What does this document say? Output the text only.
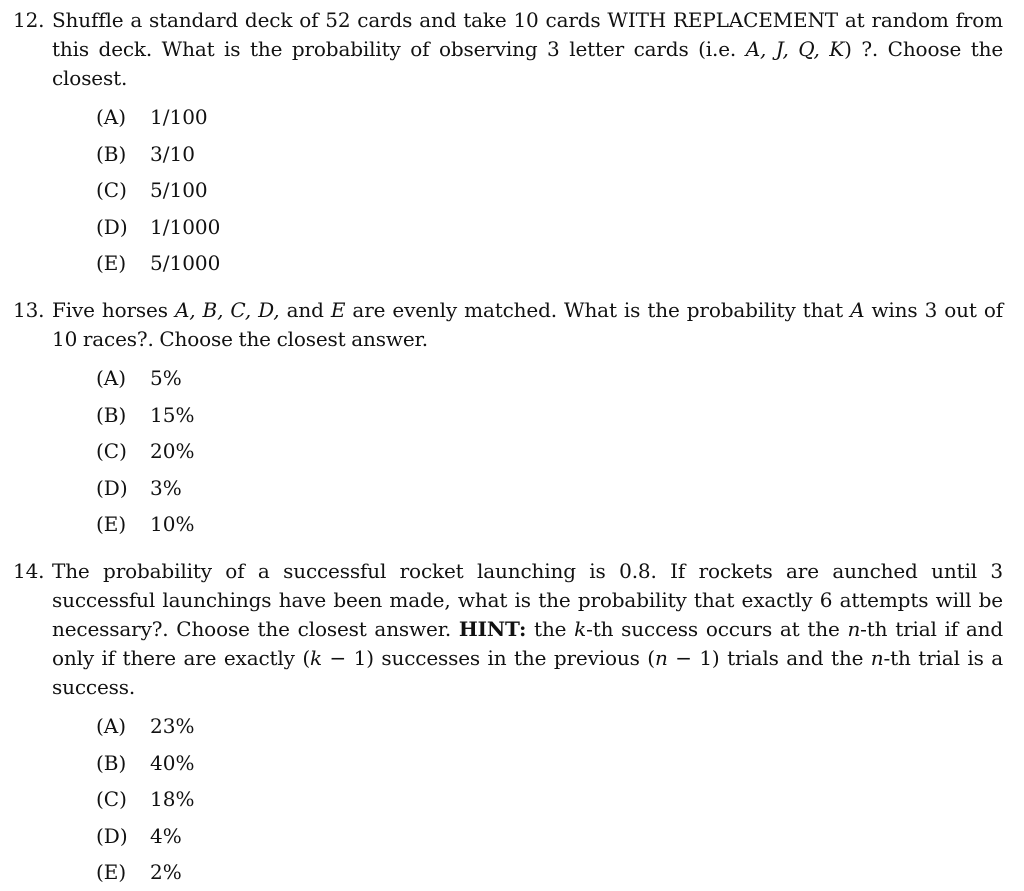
12. Shuffle a standard deck of 52 cards and take 10 cards WITH REPLACEMENT at random from this deck. What is the probability of observing 3 letter cards (i.e. A, J, Q, K) ?. Choose the closest.
(A)	1/100
(B)	3/10
(C)	5/100
(D)	1/1000
(E)	5/1000
13. Five horses A, B, C, D, and E are evenly matched. What is the probability that A wins 3 out of 10 races?. Choose the closest answer.
(A)	5%
(B)	15%
(C)	20%
(D)	3%
(E)	10%
14. The probability of a successful rocket launching is 0.8. If rockets are aunched until 3 successful launchings have been made, what is the probability that exactly 6 attempts will be necessary?. Choose the closest answer. HINT: the k-th success occurs at the n-th trial if and only if there are exactly (k − 1) successes in the previous (n − 1) trials and the n-th trial is a success.
(A)	23%
(B)	40%
(C)	18%
(D)	4%
(E)	2%
